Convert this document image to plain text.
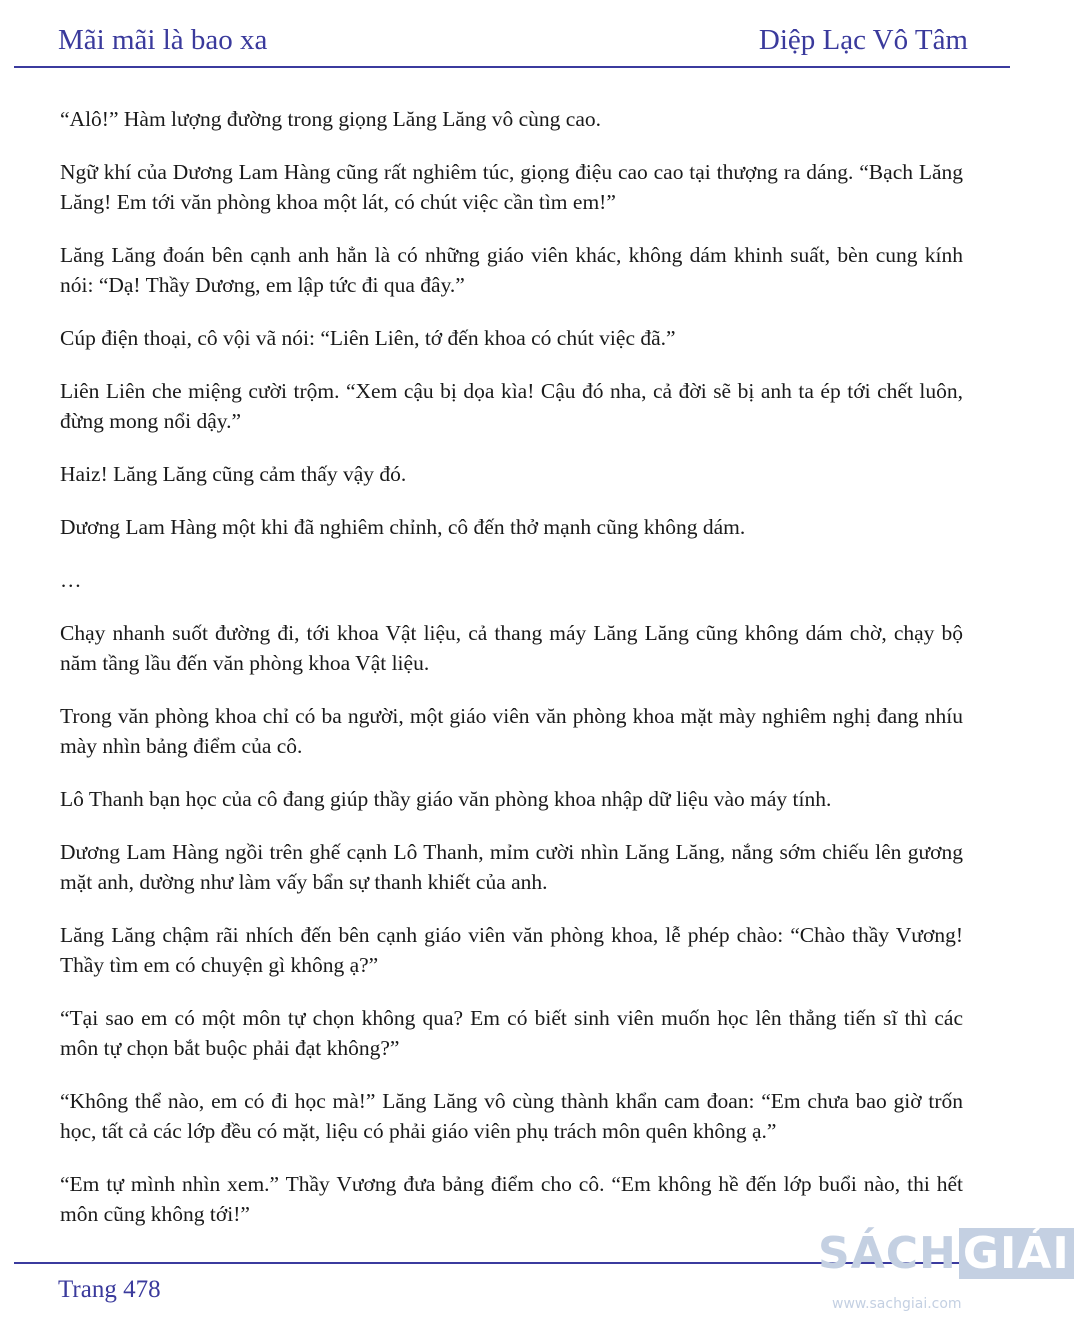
Mãi mãi là bao xa	Diệp Lạc Vô Tâm

“Alô!” Hàm lượng đường trong giọng Lăng Lăng vô cùng cao.

Ngữ khí của Dương Lam Hàng cũng rất nghiêm túc, giọng điệu cao cao tại thượng ra dáng. “Bạch Lăng Lăng! Em tới văn phòng khoa một lát, có chút việc cần tìm em!”

Lăng Lăng đoán bên cạnh anh hẳn là có những giáo viên khác, không dám khinh suất, bèn cung kính nói: “Dạ! Thầy Dương, em lập tức đi qua đây.”

Cúp điện thoại, cô vội vã nói: “Liên Liên, tớ đến khoa có chút việc đã.”

Liên Liên che miệng cười trộm. “Xem cậu bị dọa kìa! Cậu đó nha, cả đời sẽ bị anh ta ép tới chết luôn, đừng mong nổi dậy.”

Haiz! Lăng Lăng cũng cảm thấy vậy đó.

Dương Lam Hàng một khi đã nghiêm chỉnh, cô đến thở mạnh cũng không dám.

…

Chạy nhanh suốt đường đi, tới khoa Vật liệu, cả thang máy Lăng Lăng cũng không dám chờ, chạy bộ năm tầng lầu đến văn phòng khoa Vật liệu.

Trong văn phòng khoa chỉ có ba người, một giáo viên văn phòng khoa mặt mày nghiêm nghị đang nhíu mày nhìn bảng điểm của cô.

Lô Thanh bạn học của cô đang giúp thầy giáo văn phòng khoa nhập dữ liệu vào máy tính.

Dương Lam Hàng ngồi trên ghế cạnh Lô Thanh, mỉm cười nhìn Lăng Lăng, nắng sớm chiếu lên gương mặt anh, dường như làm vấy bẩn sự thanh khiết của anh.

Lăng Lăng chậm rãi nhích đến bên cạnh giáo viên văn phòng khoa, lễ phép chào: “Chào thầy Vương! Thầy tìm em có chuyện gì không ạ?”

“Tại sao em có một môn tự chọn không qua? Em có biết sinh viên muốn học lên thẳng tiến sĩ thì các môn tự chọn bắt buộc phải đạt không?”

“Không thể nào, em có đi học mà!” Lăng Lăng vô cùng thành khẩn cam đoan: “Em chưa bao giờ trốn học, tất cả các lớp đều có mặt, liệu có phải giáo viên phụ trách môn quên không ạ.”

“Em tự mình nhìn xem.” Thầy Vương đưa bảng điểm cho cô. “Em không hề đến lớp buổi nào, thi hết môn cũng không tới!”

Trang 478
SÁCH GIẢI
www.sachgiai.com
